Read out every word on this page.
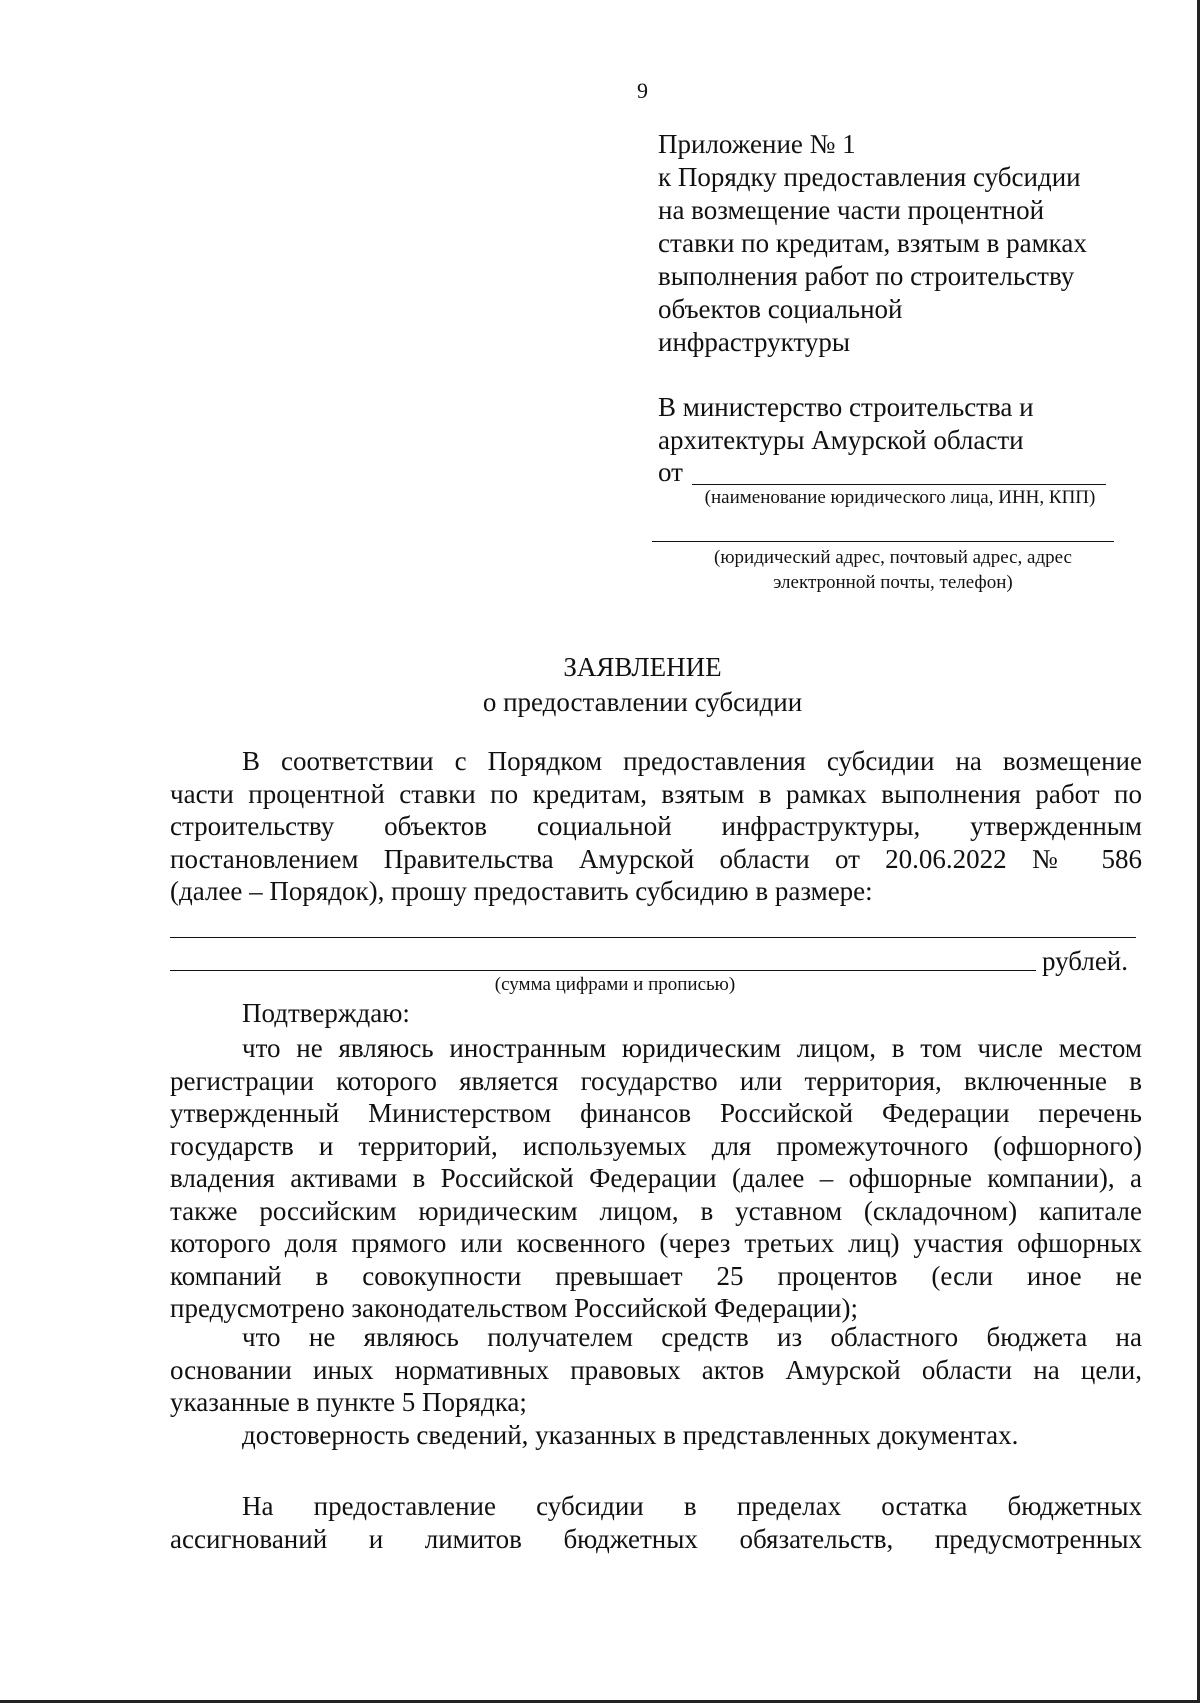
9
Приложение № 1
к Порядку предоставления субсидии
на возмещение части процентной
ставки по кредитам, взятым в рамках
выполнения работ по строительству
объектов социальной
инфраструктуры
В министерство строительства и
архитектуры Амурской области
от
(наименование юридического лица, ИНН, КПП)
(юридический адрес, почтовый адрес, адрес
электронной почты, телефон)
ЗАЯВЛЕНИЕ
о предоставлении субсидии
В соответствии с Порядком предоставления субсидии на возмещение
части процентной ставки по кредитам, взятым в рамках выполнения работ по
строительству объектов социальной инфраструктуры, утвержденным
постановлением Правительства Амурской области от 20.06.2022 № 586
(далее – Порядок), прошу предоставить субсидию в размере:
рублей.
(сумма цифрами и прописью)
Подтверждаю:
что не являюсь иностранным юридическим лицом, в том числе местом
регистрации которого является государство или территория, включенные в
утвержденный Министерством финансов Российской Федерации перечень
государств и территорий, используемых для промежуточного (офшорного)
владения активами в Российской Федерации (далее – офшорные компании), а
также российским юридическим лицом, в уставном (складочном) капитале
которого доля прямого или косвенного (через третьих лиц) участия офшорных
компаний в совокупности превышает 25 процентов (если иное не
предусмотрено законодательством Российской Федерации);
что не являюсь получателем средств из областного бюджета на
основании иных нормативных правовых актов Амурской области на цели,
указанные в пункте 5 Порядка;
достоверность сведений, указанных в представленных документах.
На предоставление субсидии в пределах остатка бюджетных
ассигнований и лимитов бюджетных обязательств, предусмотренных
